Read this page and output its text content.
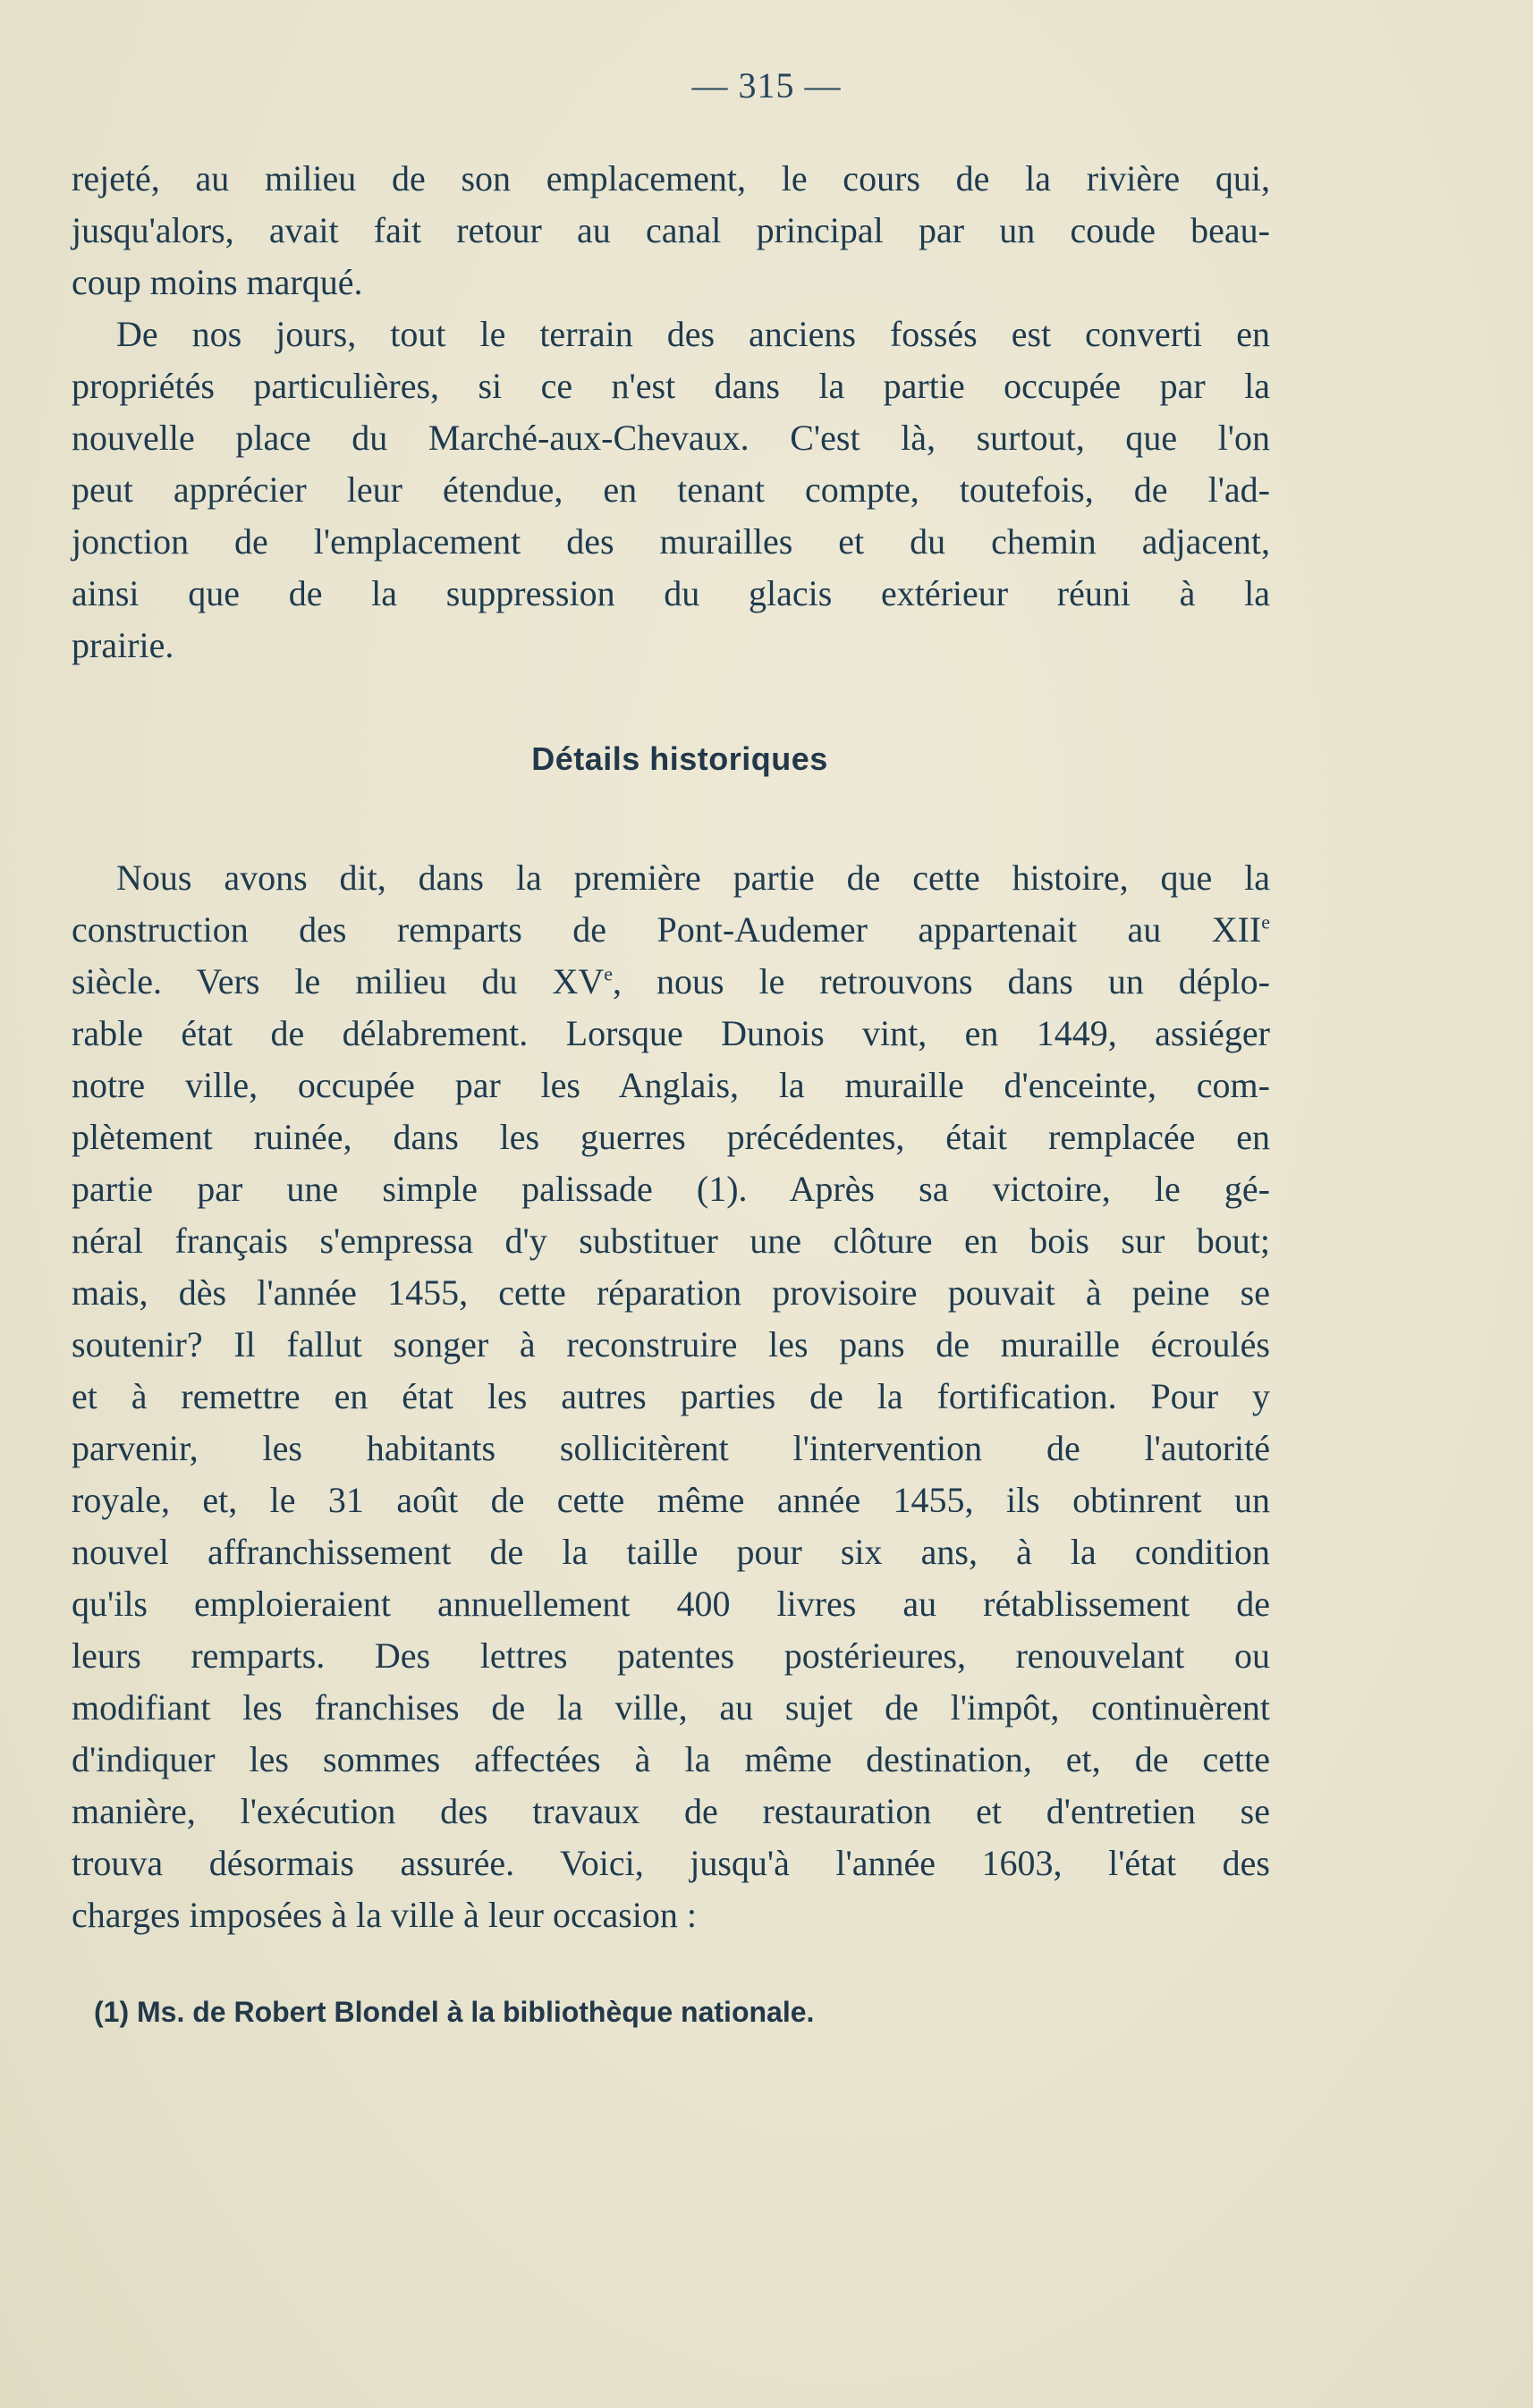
— 315 —
rejeté, au milieu de son emplacement, le cours de la rivière qui,
jusqu'alors, avait fait retour au canal principal par un coude beau-
coup moins marqué.
De nos jours, tout le terrain des anciens fossés est converti en
propriétés particulières, si ce n'est dans la partie occupée par la
nouvelle place du Marché-aux-Chevaux. C'est là, surtout, que l'on
peut apprécier leur étendue, en tenant compte, toutefois, de l'ad-
jonction de l'emplacement des murailles et du chemin adjacent,
ainsi que de la suppression du glacis extérieur réuni à la
prairie.
Détails historiques
Nous avons dit, dans la première partie de cette histoire, que la
construction des remparts de Pont-Audemer appartenait au XIIe
siècle. Vers le milieu du XVe, nous le retrouvons dans un déplo-
rable état de délabrement. Lorsque Dunois vint, en 1449, assiéger
notre ville, occupée par les Anglais, la muraille d'enceinte, com-
plètement ruinée, dans les guerres précédentes, était remplacée en
partie par une simple palissade (1). Après sa victoire, le gé-
néral français s'empressa d'y substituer une clôture en bois sur bout;
mais, dès l'année 1455, cette réparation provisoire pouvait à peine se
soutenir? Il fallut songer à reconstruire les pans de muraille écroulés
et à remettre en état les autres parties de la fortification. Pour y
parvenir, les habitants sollicitèrent l'intervention de l'autorité
royale, et, le 31 août de cette même année 1455, ils obtinrent un
nouvel affranchissement de la taille pour six ans, à la condition
qu'ils emploieraient annuellement 400 livres au rétablissement de
leurs remparts. Des lettres patentes postérieures, renouvelant ou
modifiant les franchises de la ville, au sujet de l'impôt, continuèrent
d'indiquer les sommes affectées à la même destination, et, de cette
manière, l'exécution des travaux de restauration et d'entretien se
trouva désormais assurée. Voici, jusqu'à l'année 1603, l'état des
charges imposées à la ville à leur occasion :
(1) Ms. de Robert Blondel à la bibliothèque nationale.
